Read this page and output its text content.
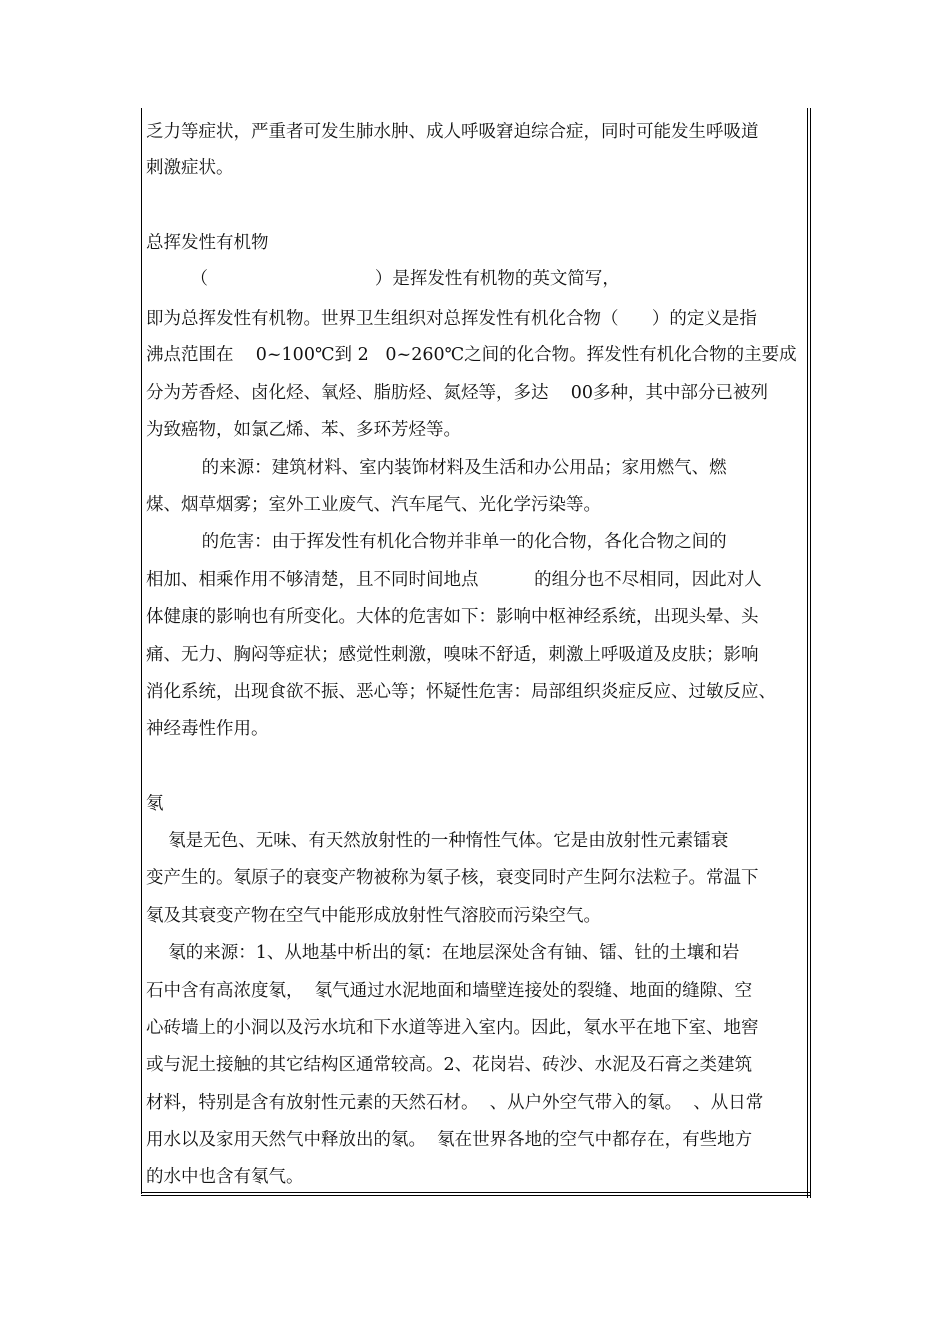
乏力等症状，严重者可发生肺水肿、成人呼吸窘迫综合症，同时可能发生呼吸道
刺激症状。
总挥发性有机物
（                              ）是挥发性有机物的英文简写，
即为总挥发性有机物。世界卫生组织对总挥发性有机化合物（      ）的定义是指
沸点范围在    0~100℃到 2   0~260℃之间的化合物。挥发性有机化合物的主要成
分为芳香烃、卤化烃、氧烃、脂肪烃、氮烃等，多达    00多种，其中部分已被列
为致癌物，如氯乙烯、苯、多环芳烃等。
的来源：建筑材料、室内装饰材料及生活和办公用品；家用燃气、燃
煤、烟草烟雾；室外工业废气、汽车尾气、光化学污染等。
的危害：由于挥发性有机化合物并非单一的化合物，各化合物之间的
相加、相乘作用不够清楚，且不同时间地点          的组分也不尽相同，因此对人
体健康的影响也有所变化。大体的危害如下：影响中枢神经系统，出现头晕、头
痛、无力、胸闷等症状；感觉性刺激，嗅味不舒适，刺激上呼吸道及皮肤；影响
消化系统，出现食欲不振、恶心等；怀疑性危害：局部组织炎症反应、过敏反应、
神经毒性作用。
氡
氡是无色、无味、有天然放射性的一种惰性气体。它是由放射性元素镭衰
变产生的。氡原子的衰变产物被称为氡子核，衰变同时产生阿尔法粒子。常温下
氡及其衰变产物在空气中能形成放射性气溶胶而污染空气。
氡的来源：1、从地基中析出的氡：在地层深处含有铀、镭、钍的土壤和岩
石中含有高浓度氡，  氡气通过水泥地面和墙壁连接处的裂缝、地面的缝隙、空
心砖墙上的小洞以及污水坑和下水道等进入室内。因此，氡水平在地下室、地窖
或与泥土接触的其它结构区通常较高。2、花岗岩、砖沙、水泥及石膏之类建筑
材料，特别是含有放射性元素的天然石材。  、从户外空气带入的氡。  、从日常
用水以及家用天然气中释放出的氡。  氡在世界各地的空气中都存在，有些地方
的水中也含有氡气。
